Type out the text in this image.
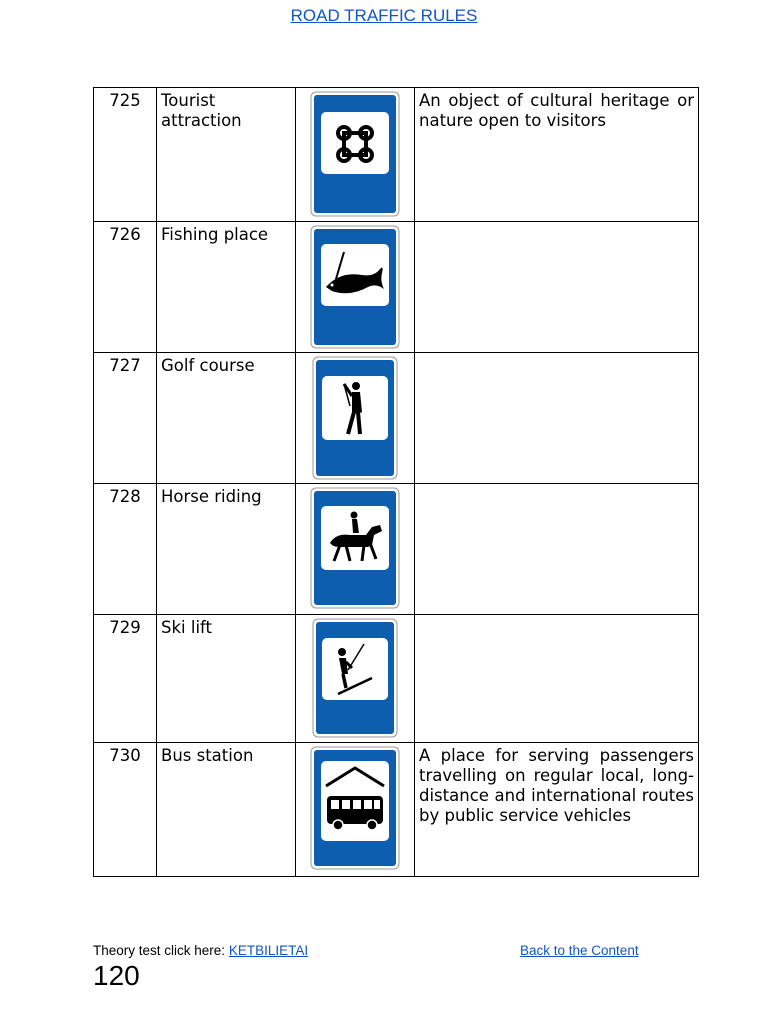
ROAD TRAFFIC RULES
725	Tourist attraction		An object of cultural heritage or nature open to visitors
726	Fishing place	

727	Golf course	

728	Horse riding	

729	Ski lift	

730	Bus station		A place for serving passengers travelling on regular local, long-distance and international routes by public service vehicles
Theory test click here: KETBILIETAI	Back to the Content
120
